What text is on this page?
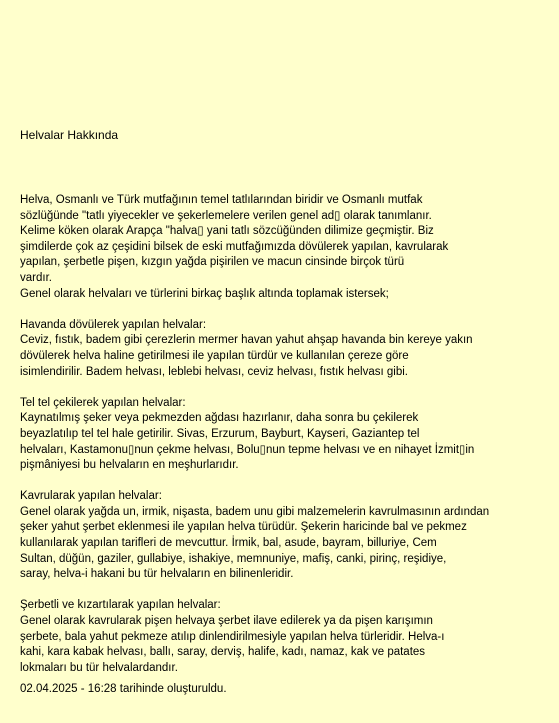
Helvalar Hakkında
Helva, Osmanlı ve Türk mutfağının temel tatlılarından biridir ve Osmanlı mutfak
sözlüğünde "tatlı yiyecekler ve şekerlemelere verilen genel ad▯ olarak tanımlanır.
Kelime köken olarak Arapça "halva▯ yani tatlı sözcüğünden dilimize geçmiştir. Biz
şimdilerde çok az çeşidini bilsek de eski mutfağımızda dövülerek yapılan, kavrularak
yapılan, şerbetle pişen, kızgın yağda pişirilen ve macun cinsinde birçok türü
vardır.
Genel olarak helvaları ve türlerini birkaç başlık altında toplamak istersek;
Havanda dövülerek yapılan helvalar:
Ceviz, fıstık, badem gibi çerezlerin mermer havan yahut ahşap havanda bin kereye yakın
dövülerek helva haline getirilmesi ile yapılan türdür ve kullanılan çereze göre
isimlendirilir. Badem helvası, leblebi helvası, ceviz helvası, fıstık helvası gibi.
Tel tel çekilerek yapılan helvalar:
Kaynatılmış şeker veya pekmezden ağdası hazırlanır, daha sonra bu çekilerek
beyazlatılıp tel tel hale getirilir. Sivas, Erzurum, Bayburt, Kayseri, Gaziantep tel
helvaları, Kastamonu▯nun çekme helvası, Bolu▯nun tepme helvası ve en nihayet İzmit▯in
pişmâniyesi bu helvaların en meşhurlarıdır.
Kavrularak yapılan helvalar:
Genel olarak yağda un, irmik, nişasta, badem unu gibi malzemelerin kavrulmasının ardından
şeker yahut şerbet eklenmesi ile yapılan helva türüdür. Şekerin haricinde bal ve pekmez
kullanılarak yapılan tarifleri de mevcuttur. İrmik, bal, asude, bayram, billuriye, Cem
Sultan, düğün, gaziler, gullabiye, ishakiye, memnuniye, mafiş, canki, pirinç, reşidiye,
saray, helva-i hakani bu tür helvaların en bilinenleridir.
Şerbetli ve kızartılarak yapılan helvalar:
Genel olarak kavrularak pişen helvaya şerbet ilave edilerek ya da pişen karışımın
şerbete, bala yahut pekmeze atılıp dinlendirilmesiyle yapılan helva türleridir. Helva-ı
kahi, kara kabak helvası, ballı, saray, derviş, halife, kadı, namaz, kak ve patates
lokmaları bu tür helvalardandır.
02.04.2025 - 16:28 tarihinde oluşturuldu.
